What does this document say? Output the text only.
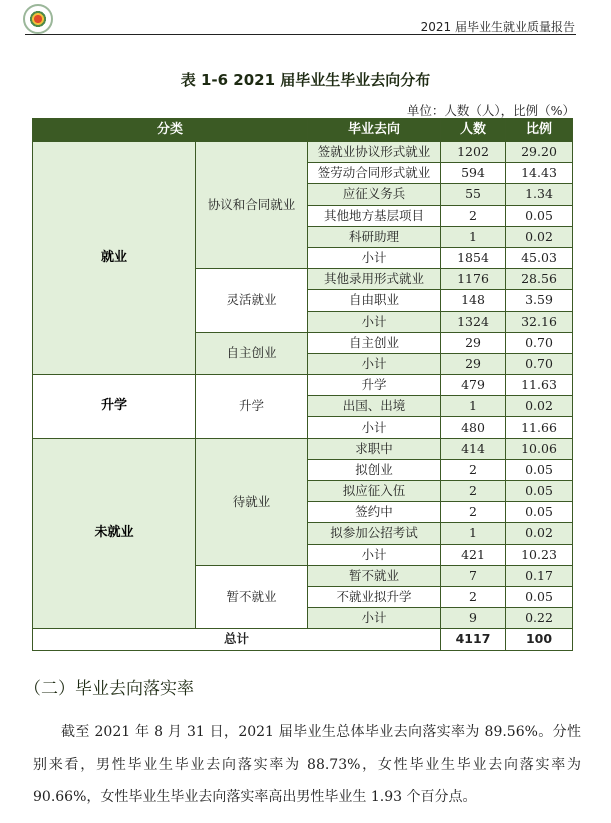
2021 届毕业生就业质量报告
表 1-6 2021 届毕业生毕业去向分布
单位：人数（人），比例（%）
分类		毕业去向	人数	比例
就业	协议和合同就业	签就业协议形式就业	1202	29.20
		签劳动合同形式就业	594	14.43
		应征义务兵	55	1.34
		其他地方基层项目	2	0.05
		科研助理	1	0.02
		小计	1854	45.03
	灵活就业	其他录用形式就业	1176	28.56
		自由职业	148	3.59
		小计	1324	32.16
	自主创业	自主创业	29	0.70
		小计	29	0.70
升学	升学	升学	479	11.63
		出国、出境	1	0.02
		小计	480	11.66
未就业	待就业	求职中	414	10.06
		拟创业	2	0.05
		拟应征入伍	2	0.05
		签约中	2	0.05
		拟参加公招考试	1	0.02
		小计	421	10.23
	暂不就业	暂不就业	7	0.17
		不就业拟升学	2	0.05
		小计	9	0.22
总计			4117	100
（二）毕业去向落实率
截至 2021 年 8 月 31 日，2021 届毕业生总体毕业去向落实率为 89.56%。分性别来看，男性毕业生毕业去向落实率为 88.73%，女性毕业生毕业去向落实率为 90.66%，女性毕业生毕业去向落实率高出男性毕业生 1.93 个百分点。
